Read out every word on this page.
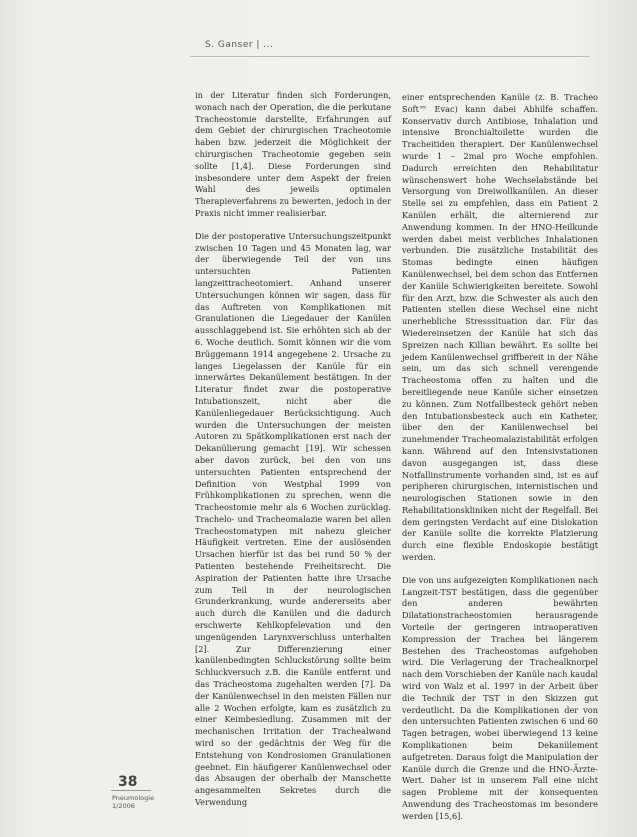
S. Ganser | ...

in der Literatur finden sich Forderungen, wonach nach der Operation, die die perkutane Tracheostomie darstellte, Erfahrungen auf dem Gebiet der chirurgischen Tracheotomie haben bzw. jederzeit die Möglichkeit der chirurgischen Tracheotomie gegeben sein sollte [1,4]. Diese Forderungen sind insbesondere unter dem Aspekt der freien Wahl des jeweils optimalen Therapieverfahrens zu bewerten, jedoch in der Praxis nicht immer realisierbar.

Die der postoperative Untersuchungszeitpunkt zwischen 10 Tagen und 45 Monaten lag, war der überwiegende Teil der von uns untersuchten Patienten langzeittracheotomiert. Anhand unserer Untersuchungen können wir sagen, dass für das Auftreten von Komplikationen mit Granulationen die Liegedauer der Kanülen ausschlaggebend ist. Sie erhöhten sich ab der 6. Woche deutlich. Somit können wir die vom Brüggemann 1914 angegebene 2. Ursache zu langes Liegelassen der Kanüle für ein innerwärtes Dekanülement bestätigen. In der Literatur findet zwar die postoperative Intubationszeit, nicht aber die Kanülenliegedauer Berücksichtigung. Auch wurden die Untersuchungen der meisten Autoren zu Spätkomplikationen erst nach der Dekanülierung gemacht [19]. Wir schessen aber davon zurück, bei den von uns untersuchten Patienten entsprechend der Definition von Westphal 1999 von Frühkomplikationen zu sprechen, wenn die Tracheostomie mehr als 6 Wochen zurücklag. Trachelo- und Tracheomalazie waren bei allen Tracheostomatypen mit nahezu gleicher Häufigkeit vertreten. Eine der auslösenden Ursachen hierfür ist das bei rund 50 % der Patienten bestehende Freiheitsrecht. Die Aspiration der Patienten hatte ihre Ursache zum Teil in der neurologischen Grunderkrankung, wurde andererseits aber auch durch die Kanülen und die dadurch erschwerte Kehlkopfelevation und den ungenügenden Larynxverschluss unterhalten [2]. Zur Differenzierung einer kanülenbedingten Schluckstörung sollte beim Schluckversuch z.B. die Kanüle entfernt und das Tracheostoma zugehalten werden [7]. Da der Kanülenwechsel in den meisten Fällen nur alle 2 Wochen erfolgte, kam es zusätzlich zu einer Keimbesiedlung. Zusammen mit der mechanischen Irritation der Trachealwand wird so der gedächtnis der Weg für die Entstehung von Kondrosiomen Granulationen geebnet. Ein häufigerer Kanülenwechsel oder das Absaugen der oberhalb der Manschette angesammelten Sekretes durch die Verwendung

einer entsprechenden Kanüle (z. B. Tracheo Soft™ Evac) kann dabei Abhilfe schaffen. Konservativ durch Antibiose, Inhalation und intensive Bronchialtoilette wurden die Tracheitiden therapiert. Der Kanülenwechsel wurde 1 – 2mal pro Woche empfohlen. Dadurch erreichten den Rehabilitatur wünschenswert hohe Wechselabstände bei Versorgung von Dreiwollkanülen. An dieser Stelle sei zu empfehlen, dass ein Patient 2 Kanülen erhält, die alternierend zur Anwendung kommen. In der HNO-Heilkunde werden dabei meist verbliches Inhalationen verbunden. Die zusätzliche Instabilität des Stomas bedingte einen häufigen Kanülenwechsel, bei dem schon das Entfernen der Kanüle Schwierigkeiten bereitete. Sowohl für den Arzt, bzw. die Schwester als auch den Patienten stellen diese Wechsel eine nicht unerhebliche Stresssituation dar. Für das Wiedereinsetzen der Kanüle hat sich das Spreizen nach Killian bewährt. Es sollte bei jedem Kanülenwechsel griffbereit in der Nähe sein, um das sich schnell verengende Tracheostoma offen zu halten und die bereitliegende neue Kanüle sicher einsetzen zu können. Zum Notfallbesteck gehört neben den Intubationsbesteck auch ein Katheter, über den der Kanülenwechsel bei zunehmender Tracheomalazistabilität erfolgen kann. Während auf den Intensivstationen davon ausgegangen ist, dass diese Notfallinstrumente vorhanden sind, ist es auf peripheren chirurgischen, internistischen und neurologischen Stationen sowie in den Rehabilitationskliniken nicht der Regelfall. Bei dem geringsten Verdacht auf eine Dislokation der Kanüle sollte die korrekte Platzierung durch eine flexible Endoskopie bestätigt werden.

Die von uns aufgezeigten Komplikationen nach Langzeit-TST bestätigen, dass die gegenüber den anderen bewährten Dilatationstracheostomien herausragende Vorteile der geringeren intraoperativen Kompression der Trachea bei längerem Bestehen des Tracheostomas aufgehoben wird. Die Verlagerung der Trachealknorpel nach dem Vorschieben der Kanüle nach kaudal wird von Walz et al. 1997 in der Arbeit über die Technik der TST in den Skizzen gut verdeutlicht. Da die Komplikationen der von den untersuchten Patienten zwischen 6 und 60 Tagen betragen, wobei überwiegend 13 keine Komplikationen beim Dekanülement aufgetreten. Daraus folgt die Manipulation der Kanüle durch die Grenze und die HNO-Ärzte-Wert. Daher ist in unserem Fall eine nicht sagen Probleme mit der konsequenten Anwendung des Tracheostomas im besondere werden [15,6].

38
Pneumologie
1/2006
